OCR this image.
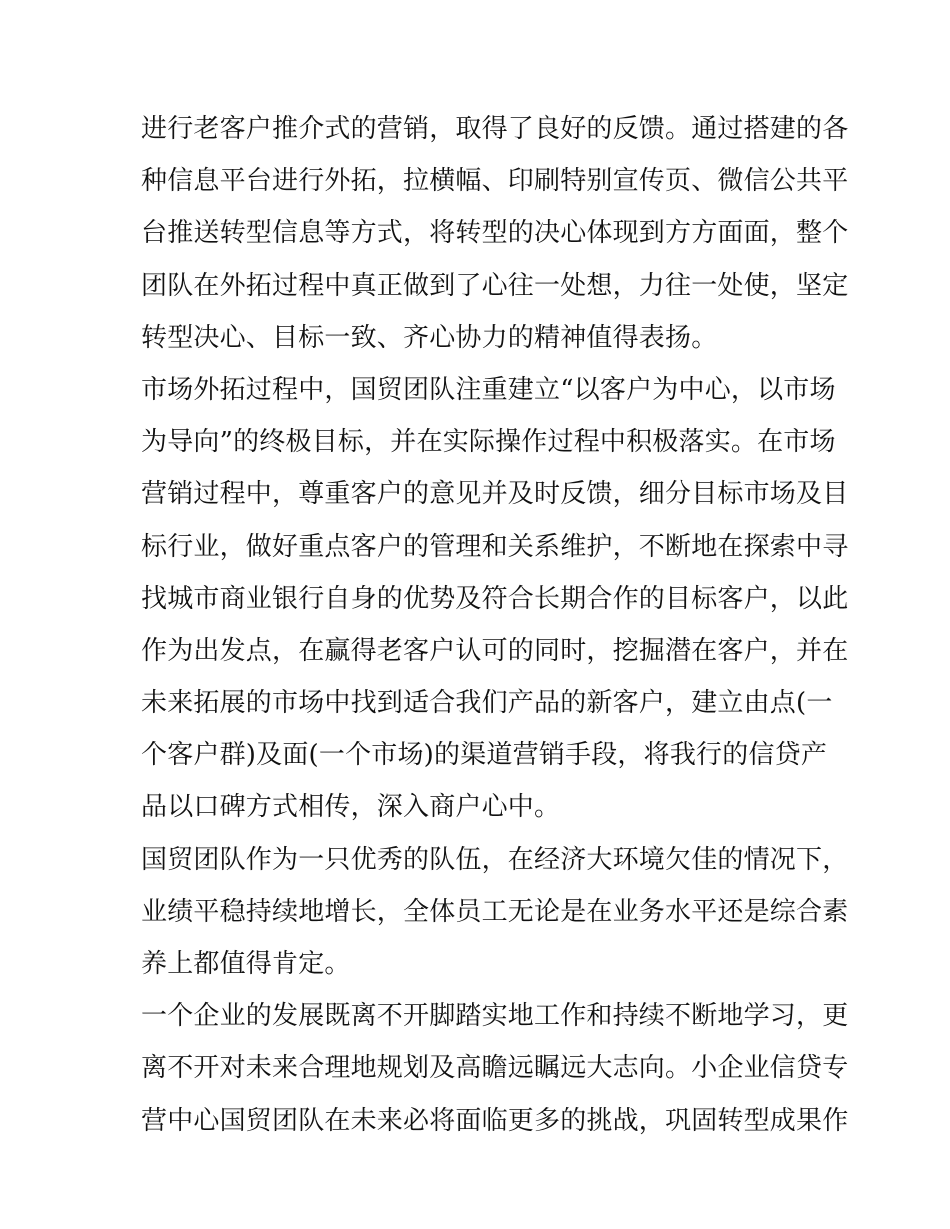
进行老客户推介式的营销，取得了良好的反馈。通过搭建的各
种信息平台进行外拓，拉横幅、印刷特别宣传页、微信公共平
台推送转型信息等方式，将转型的决心体现到方方面面，整个
团队在外拓过程中真正做到了心往一处想，力往一处使，坚定
转型决心、目标一致、齐心协力的精神值得表扬。
市场外拓过程中，国贸团队注重建立“以客户为中心，以市场
为导向”的终极目标，并在实际操作过程中积极落实。在市场
营销过程中，尊重客户的意见并及时反馈，细分目标市场及目
标行业，做好重点客户的管理和关系维护，不断地在探索中寻
找城市商业银行自身的优势及符合长期合作的目标客户，以此
作为出发点，在赢得老客户认可的同时，挖掘潜在客户，并在
未来拓展的市场中找到适合我们产品的新客户，建立由点(一
个客户群)及面(一个市场)的渠道营销手段，将我行的信贷产
品以口碑方式相传，深入商户心中。
国贸团队作为一只优秀的队伍，在经济大环境欠佳的情况下，
业绩平稳持续地增长，全体员工无论是在业务水平还是综合素
养上都值得肯定。
一个企业的发展既离不开脚踏实地工作和持续不断地学习，更
离不开对未来合理地规划及高瞻远瞩远大志向。小企业信贷专
营中心国贸团队在未来必将面临更多的挑战，巩固转型成果作
